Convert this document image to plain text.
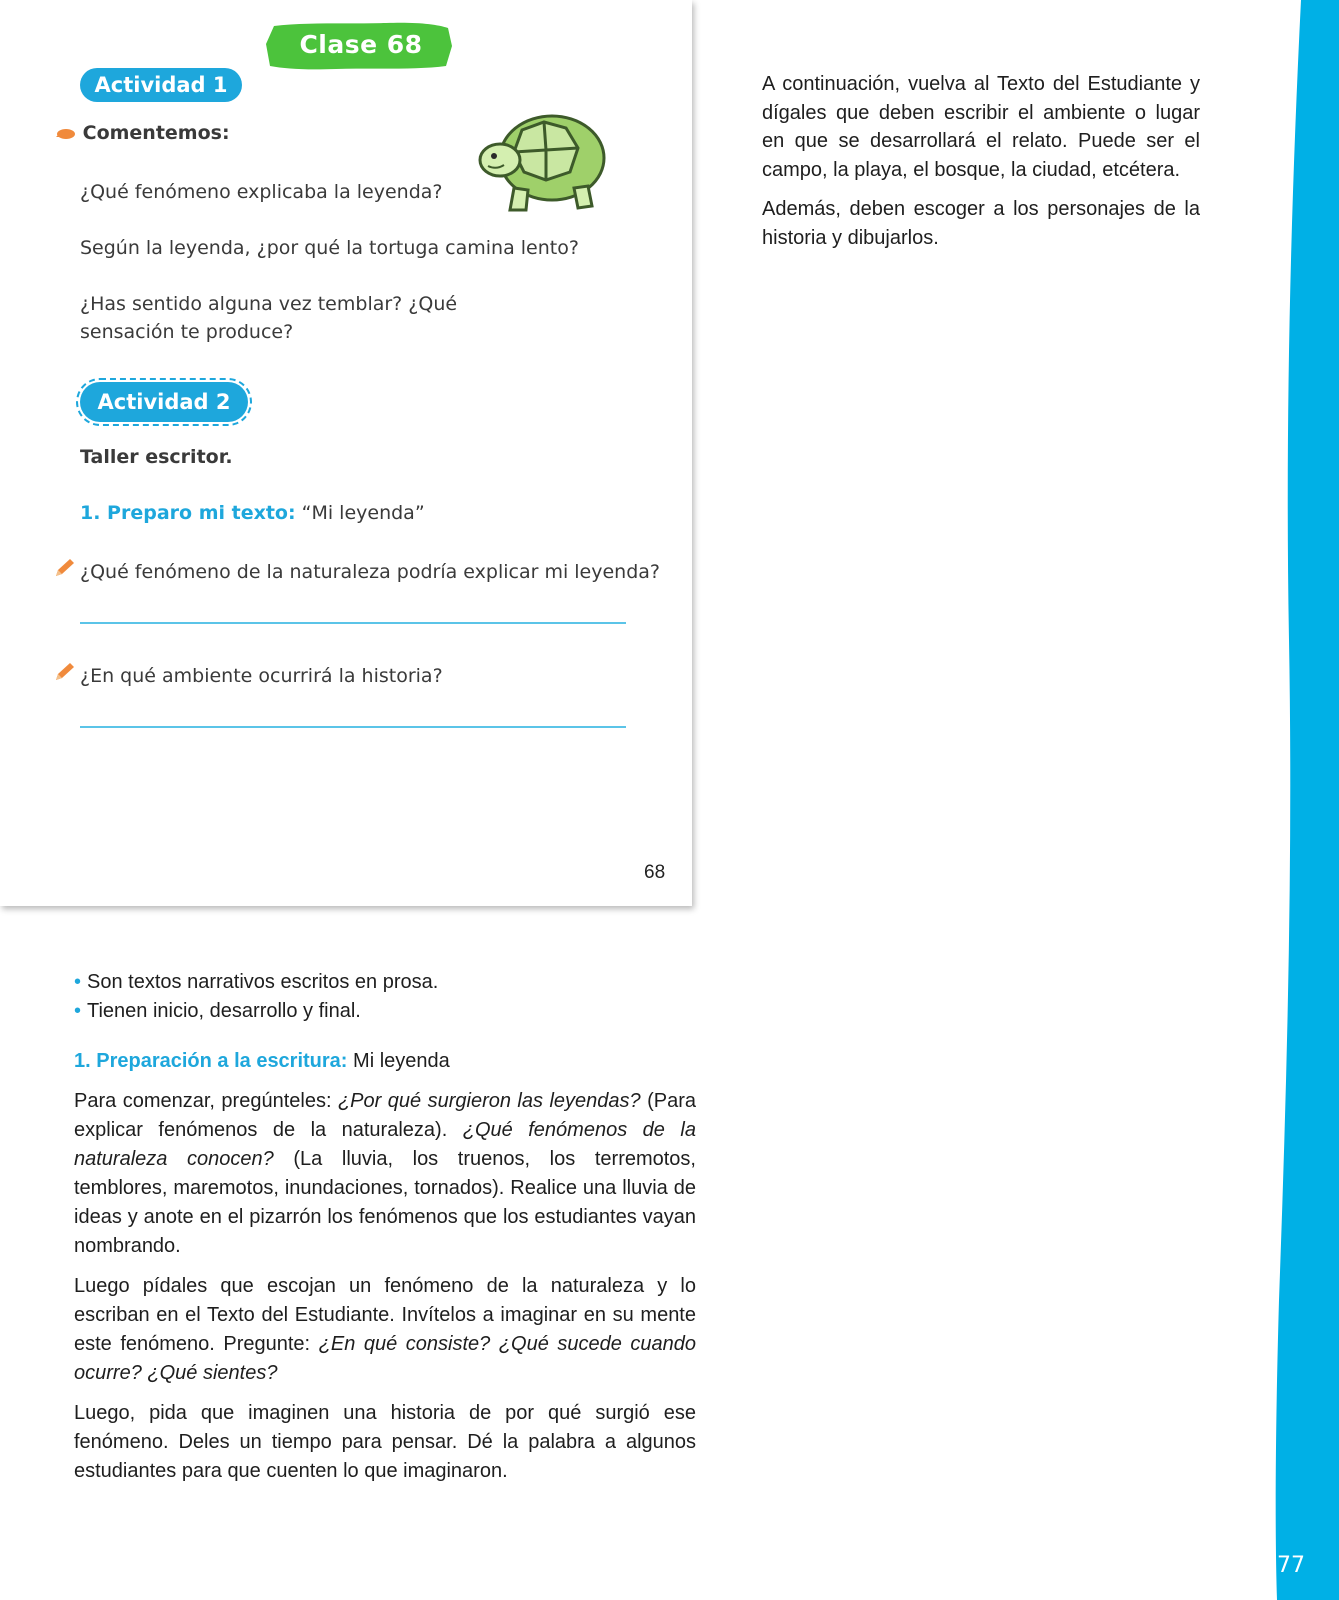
277
Clase 68
Actividad 1
Comentemos:
¿Qué fenómeno explicaba la leyenda?
Según la leyenda, ¿por qué la tortuga camina lento?
¿Has sentido alguna vez temblar? ¿Qué sensación te produce?
Actividad 2
Taller escritor.
1. Preparo mi texto: “Mi leyenda”
¿Qué fenómeno de la naturaleza podría explicar mi leyenda?
¿En qué ambiente ocurrirá la historia?
68

A continuación, vuelva al Texto del Estudiante y dígales que deben escribir el ambiente o lugar en que se desarrollará el relato. Puede ser el campo, la playa, el bosque, la ciudad, etcétera.

Además, deben escoger a los personajes de la historia y dibujarlos.

• Son textos narrativos escritos en prosa.
• Tienen inicio, desarrollo y final.
1. Preparación a la escritura: Mi leyenda

Para comenzar, pregúnteles: ¿Por qué surgieron las leyendas? (Para explicar fenómenos de la naturaleza). ¿Qué fenómenos de la naturaleza conocen? (La lluvia, los truenos, los terremotos, temblores, maremotos, inundaciones, tornados). Realice una lluvia de ideas y anote en el pizarrón los fenómenos que los estudiantes vayan nombrando.

Luego pídales que escojan un fenómeno de la naturaleza y lo escriban en el Texto del Estudiante. Invítelos a imaginar en su mente este fenómeno. Pregunte: ¿En qué consiste? ¿Qué sucede cuando ocurre? ¿Qué sientes?

Luego, pida que imaginen una historia de por qué surgió ese fenómeno. Deles un tiempo para pensar. Dé la palabra a algunos estudiantes para que cuenten lo que imaginaron.
